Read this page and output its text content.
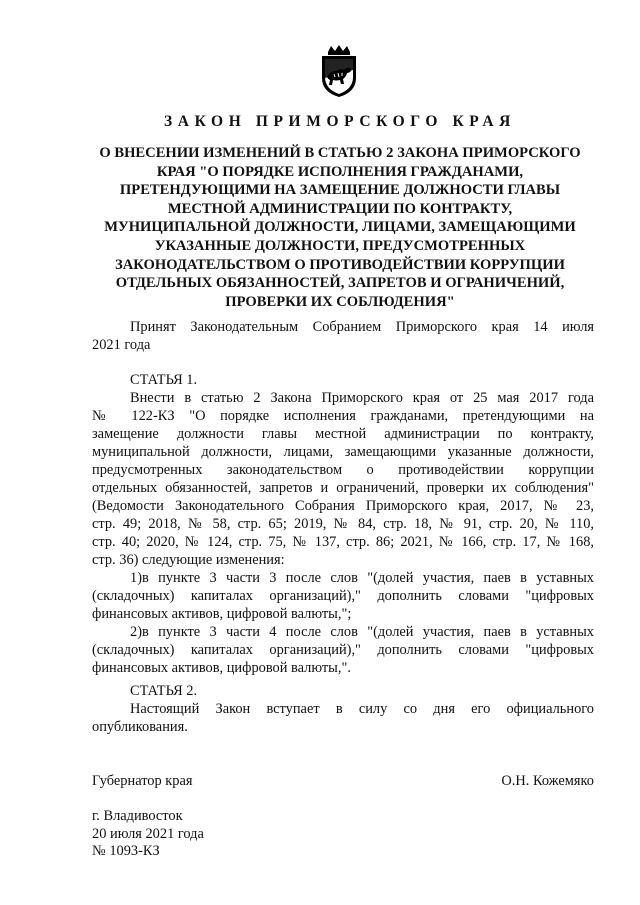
ЗАКОН ПРИМОРСКОГО КРАЯ
О ВНЕСЕНИИ ИЗМЕНЕНИЙ В СТАТЬЮ 2 ЗАКОНА ПРИМОРСКОГО
КРАЯ "О ПОРЯДКЕ ИСПОЛНЕНИЯ ГРАЖДАНАМИ,
ПРЕТЕНДУЮЩИМИ НА ЗАМЕЩЕНИЕ ДОЛЖНОСТИ ГЛАВЫ
МЕСТНОЙ АДМИНИСТРАЦИИ ПО КОНТРАКТУ,
МУНИЦИПАЛЬНОЙ ДОЛЖНОСТИ, ЛИЦАМИ, ЗАМЕЩАЮЩИМИ
УКАЗАННЫЕ ДОЛЖНОСТИ, ПРЕДУСМОТРЕННЫХ
ЗАКОНОДАТЕЛЬСТВОМ О ПРОТИВОДЕЙСТВИИ КОРРУПЦИИ
ОТДЕЛЬНЫХ ОБЯЗАННОСТЕЙ, ЗАПРЕТОВ И ОГРАНИЧЕНИЙ,
ПРОВЕРКИ ИХ СОБЛЮДЕНИЯ"
Принят Законодательным Собранием Приморского края 14 июля
2021 года
СТАТЬЯ 1.
Внести в статью 2 Закона Приморского края от 25 мая 2017 года
№ 122-КЗ "О порядке исполнения гражданами, претендующими на
замещение должности главы местной администрации по контракту,
муниципальной должности, лицами, замещающими указанные должности,
предусмотренных законодательством о противодействии коррупции
отдельных обязанностей, запретов и ограничений, проверки их соблюдения"
(Ведомости Законодательного Собрания Приморского края, 2017, № 23,
стр. 49; 2018, № 58, стр. 65; 2019, № 84, стр. 18, № 91, стр. 20, № 110,
стр. 40; 2020, № 124, стр. 75, № 137, стр. 86; 2021, № 166, стр. 17, № 168,
стр. 36) следующие изменения:
1)в пункте 3 части 3 после слов "(долей участия, паев в уставных
(складочных) капиталах организаций)," дополнить словами "цифровых
финансовых активов, цифровой валюты,";
2)в пункте 3 части 4 после слов "(долей участия, паев в уставных
(складочных) капиталах организаций)," дополнить словами "цифровых
финансовых активов, цифровой валюты,".
СТАТЬЯ 2.
Настоящий Закон вступает в силу со дня его официального
опубликования.
Губернатор края	О.Н. Кожемяко
г. Владивосток
20 июля 2021 года
№ 1093-КЗ
